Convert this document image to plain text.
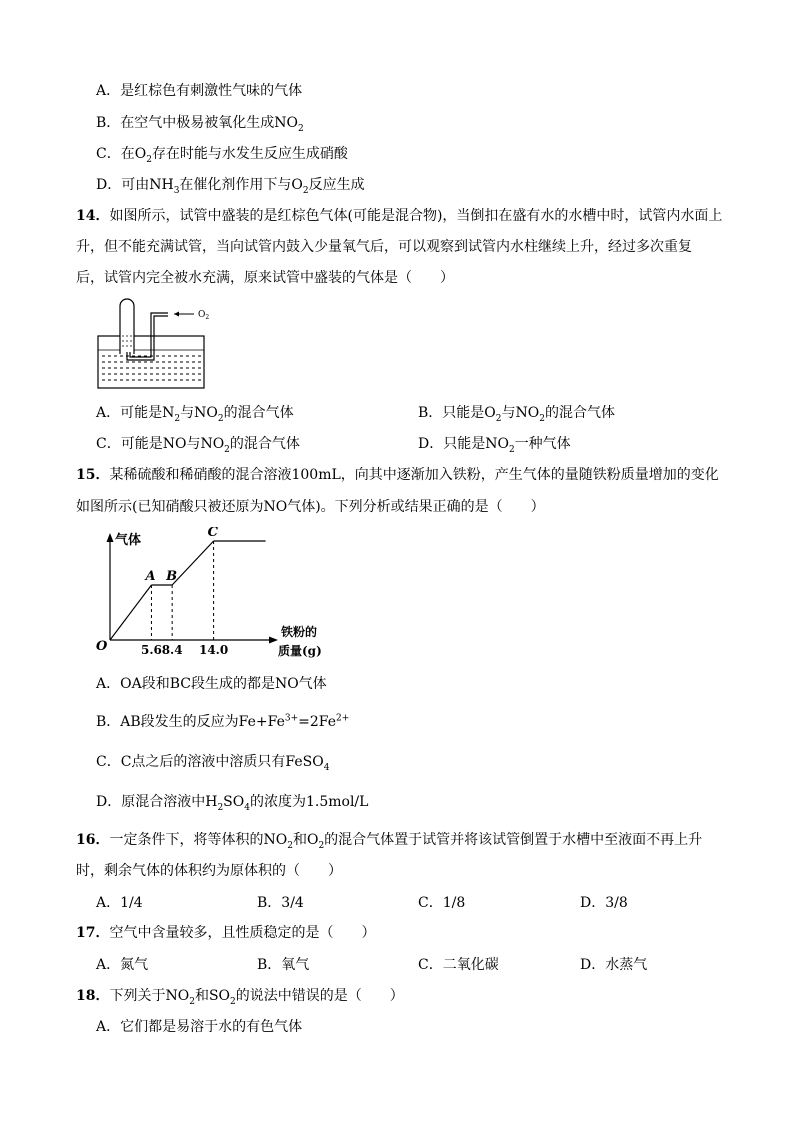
A．是红棕色有刺激性气味的气体
B．在空气中极易被氧化生成$NO_2$
C．在$O_2$存在时能与水发生反应生成硝酸
D．可由$NH_3$在催化剂作用下与$O_2$反应生成
14．如图所示，试管中盛装的是红棕色气体(可能是混合物)，当倒扣在盛有水的水槽中时，试管内水面上
升，但不能充满试管，当向试管内鼓入少量氧气后，可以观察到试管内水柱继续上升，经过多次重复
后，试管内完全被水充满，原来试管中盛装的气体是（　　）
$O_2$
A．可能是$N_2$与$NO_2$的混合气体	B．只能是$O_2$与$NO_2$的混合气体
C．可能是NO与$NO_2$的混合气体	D．只能是$NO_2$一种气体
15．某稀硫酸和稀硝酸的混合溶液100mL，向其中逐渐加入铁粉，产生气体的量随铁粉质量增加的变化
如图所示(已知硝酸只被还原为NO气体)。下列分析或结果正确的是（　　）
气体
铁粉的
质量(g)
O
A
5.6
B
8.4
C
14.0
A．OA段和BC段生成的都是NO气体
B．AB段发生的反应为$Fe+Fe^{3+}=2Fe^{2+}$
C．C点之后的溶液中溶质只有FeSO$_4$
D．原混合溶液中$H_2SO_4$的浓度为1.5mol/L
16．一定条件下，将等体积的$NO_2$和$O_2$的混合气体置于试管并将该试管倒置于水槽中至液面不再上升
时，剩余气体的体积约为原体积的（　　）
A．1/4	B．3/4	C．1/8	D．3/8
17．空气中含量较多，且性质稳定的是（　　）
A．氮气	B．氧气	C．二氧化碳	D．水蒸气
18．下列关于$NO_2$和$SO_2$的说法中错误的是（　　）
A．它们都是易溶于水的有色气体
